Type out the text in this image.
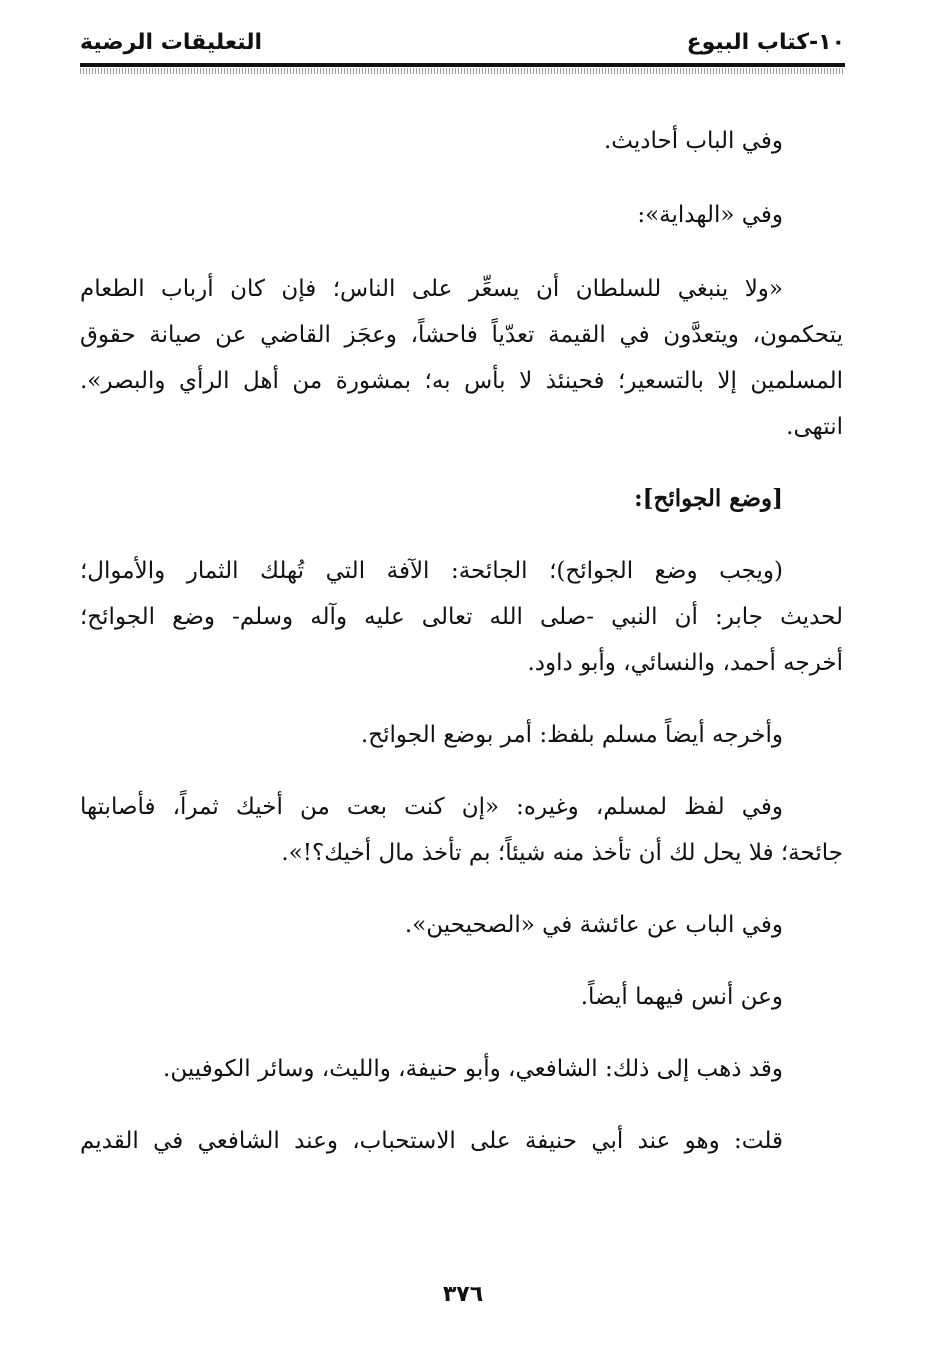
١٠-كتاب البيوع
التعليقات الرضية
وفي الباب أحاديث.
وفي «الهداية»:
«ولا ينبغي للسلطان أن يسعِّر على الناس؛ فإن كان أرباب الطعام
يتحكمون، ويتعدَّون في القيمة تعدّياً فاحشاً، وعجَز القاضي عن صيانة حقوق
المسلمين إلا بالتسعير؛ فحينئذ لا بأس به؛ بمشورة من أهل الرأي والبصر».
انتهى.
[وضع الجوائح]:
(ويجب وضع الجوائح)؛ الجائحة: الآفة التي تُهلك الثمار والأموال؛
لحديث جابر: أن النبي -صلى الله تعالى عليه وآله وسلم- وضع الجوائح؛
أخرجه أحمد، والنسائي، وأبو داود.
وأخرجه أيضاً مسلم بلفظ: أمر بوضع الجوائح.
وفي لفظ لمسلم، وغيره: «إن كنت بعت من أخيك ثمراً، فأصابتها
جائحة؛ فلا يحل لك أن تأخذ منه شيئاً؛ بم تأخذ مال أخيك؟!».
وفي الباب عن عائشة في «الصحيحين».
وعن أنس فيهما أيضاً.
وقد ذهب إلى ذلك: الشافعي، وأبو حنيفة، والليث، وسائر الكوفيين.
قلت: وهو عند أبي حنيفة على الاستحباب، وعند الشافعي في القديم
٣٧٦
